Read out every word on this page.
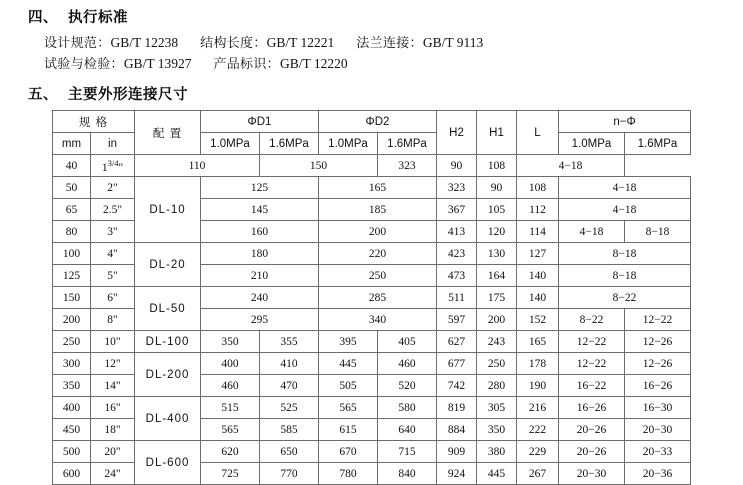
四、 执行标准
设计规范：GB/T 12238	结构长度：GB/T 12221	法兰连接：GB/T 9113
试验与检验：GB/T 13927	产品标识：GB/T 12220
五、 主要外形连接尺寸
规 格		配 置	ΦD1		ΦD2		H2	H1	L	n−Φ	
mm	in		1.0MPa	1.6MPa	1.0MPa	1.6MPa				1.0MPa	1.6MPa
40	$1^{3/4}$"	110		150		323	90	108	4−18		
50	2"	DL-10	125		165		323	90	108	4−18	
65	2.5"		145		185		367	105	112	4−18	
80	3"		160		200		413	120	114	4−18	8−18
100	4"	DL-20	180		220		423	130	127	8−18	
125	5"		210		250		473	164	140	8−18	
150	6"	DL-50	240		285		511	175	140	8−22	
200	8"		295		340		597	200	152	8−22	12−22
250	10"	DL-100	350	355	395	405	627	243	165	12−22	12−26
300	12"	DL-200	400	410	445	460	677	250	178	12−22	12−26
350	14"		460	470	505	520	742	280	190	16−22	16−26
400	16"	DL-400	515	525	565	580	819	305	216	16−26	16−30
450	18"		565	585	615	640	884	350	222	20−26	20−30
500	20"	DL-600	620	650	670	715	909	380	229	20−26	20−33
600	24"		725	770	780	840	924	445	267	20−30	20−36
